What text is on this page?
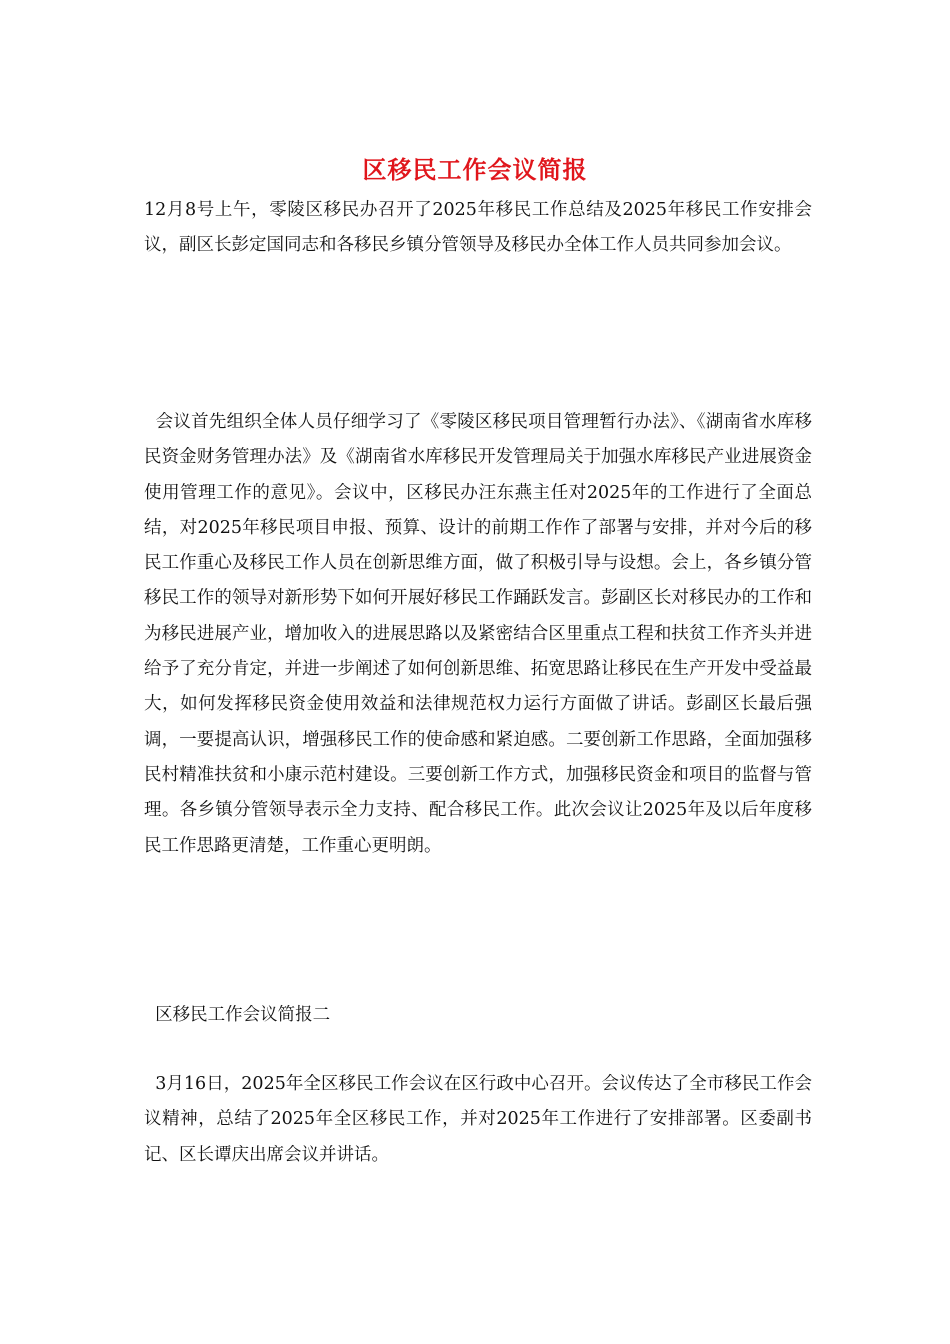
区移民工作会议简报

12月8号上午，零陵区移民办召开了2025年移民工作总结及2025年移民工作安排会议，副区长彭定国同志和各移民乡镇分管领导及移民办全体工作人员共同参加会议。

会议首先组织全体人员仔细学习了《零陵区移民项目管理暂行办法》、《湖南省水库移民资金财务管理办法》及《湖南省水库移民开发管理局关于加强水库移民产业进展资金使用管理工作的意见》。会议中，区移民办汪东燕主任对2025年的工作进行了全面总结，对2025年移民项目申报、预算、设计的前期工作作了部署与安排，并对今后的移民工作重心及移民工作人员在创新思维方面，做了积极引导与设想。会上，各乡镇分管移民工作的领导对新形势下如何开展好移民工作踊跃发言。彭副区长对移民办的工作和为移民进展产业，增加收入的进展思路以及紧密结合区里重点工程和扶贫工作齐头并进给予了充分肯定，并进一步阐述了如何创新思维、拓宽思路让移民在生产开发中受益最大，如何发挥移民资金使用效益和法律规范权力运行方面做了讲话。彭副区长最后强调，一要提高认识，增强移民工作的使命感和紧迫感。二要创新工作思路，全面加强移民村精准扶贫和小康示范村建设。三要创新工作方式，加强移民资金和项目的监督与管理。各乡镇分管领导表示全力支持、配合移民工作。此次会议让2025年及以后年度移民工作思路更清楚，工作重心更明朗。

区移民工作会议简报二

3月16日，2025年全区移民工作会议在区行政中心召开。会议传达了全市移民工作会议精神，总结了2025年全区移民工作，并对2025年工作进行了安排部署。区委副书记、区长谭庆出席会议并讲话。
